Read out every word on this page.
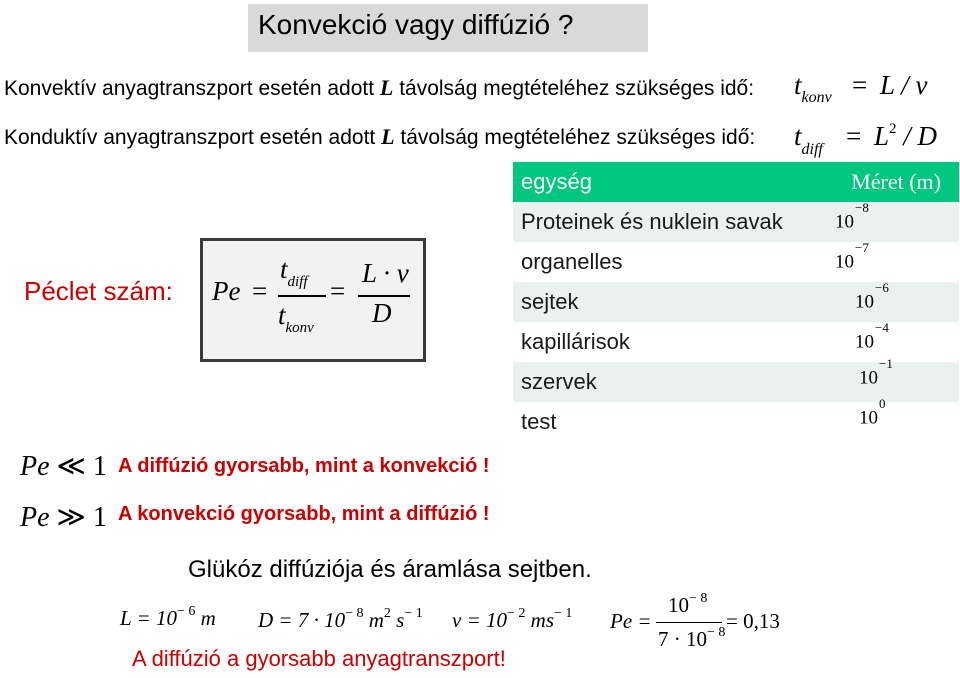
Konvekció vagy diffúzió ?
Konvektív anyagtranszport esetén adott L távolság megtételéhez szükséges idő: $t_{konv} = L / v$
Konduktív anyagtranszport esetén adott L távolság megtételéhez szükséges idő: $t_{diff} = L^2 / D$
Péclet szám: Pe =
$t_{diff}$
$t_{konv}$
=
L · v
D
egység	Méret (m)
Proteinek és nuklein savak	$10^{-8}$
organelles	$10^{-7}$
sejtek	$10^{-6}$
kapillárisok	$10^{-4}$
szervek	$10^{-1}$
test	$10^0$
Pe ≪ 1 A diffúzió gyorsabb, mint a konvekció !
Pe ≫ 1 A konvekció gyorsabb, mint a diffúzió !
Glükóz diffúziója és áramlása sejtben.
$L = 10^{- 6}$ m $D = 7 \cdot 10^{- 8}$ $m^2$ $s^{- 1}$ $v = 10^{- 2}$ $ms^{- 1}$ Pe =
$10^{- 8}$
$7 \cdot 10^{- 8} = 0,13$
A diffúzió a gyorsabb anyagtranszport!
